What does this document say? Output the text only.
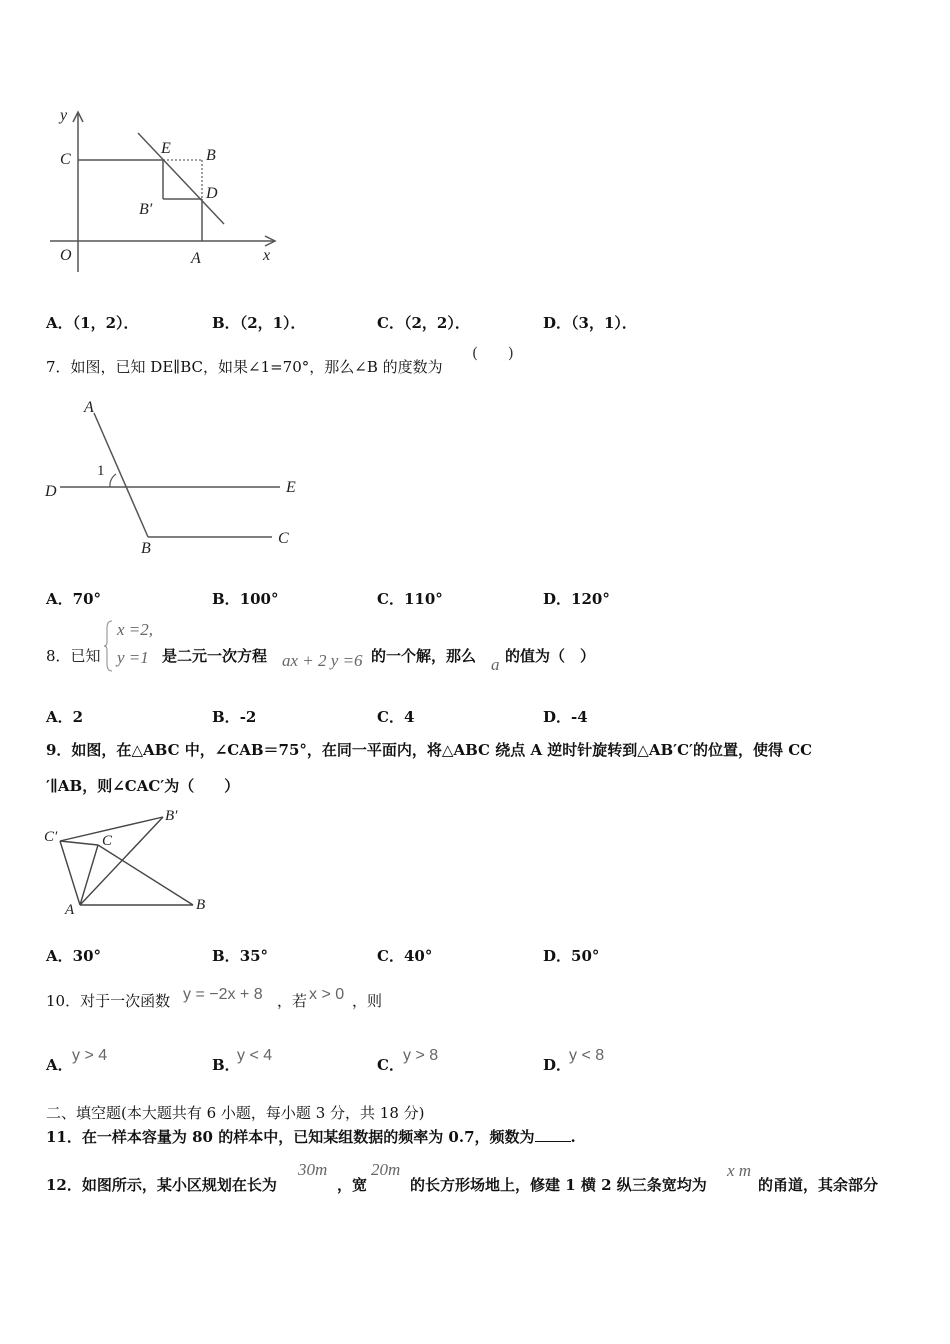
y
C
E B
D
B′
O	A	x
A．（1，2）．	B．（2，1）．	C．（2，2）．	D．（3，1）．
7．如图，已知 DE∥BC，如果∠1=70°，那么∠B 的度数为
(　　)
A
1
D	E
B
C
A．70°	B．100°	C．110°	D．120°
8．已知
x =2,
y =1 是二元一次方程 ax + 2 y =6 的一个解，那么 a 的值为（　）
A．2	B．-2	C．4	D．-4
9．如图，在△ABC 中，∠CAB＝75°，在同一平面内，将△ABC 绕点 A 逆时针旋转到△AB′C′的位置，使得 CC
′∥AB，则∠CAC′为（　　）
C′	C
B′
A	B
A．30°	B．35°	C．40°	D．50°
10．对于一次函数 y = −2x + 8 ，若 x > 0 ，则
A．
y > 4
B．
y < 4
C．
y > 8
D．
y < 8
二、填空题(本大题共有 6 小题，每小题 3 分，共 18 分)
11．在一样本容量为 80 的样本中，已知某组数据的频率为 0.7，频数为 .
12．如图所示，某小区规划在长为
30m
，宽
20m
的长方形场地上，修建 1 横 2 纵三条宽均为
x m
的甬道，其余部分
